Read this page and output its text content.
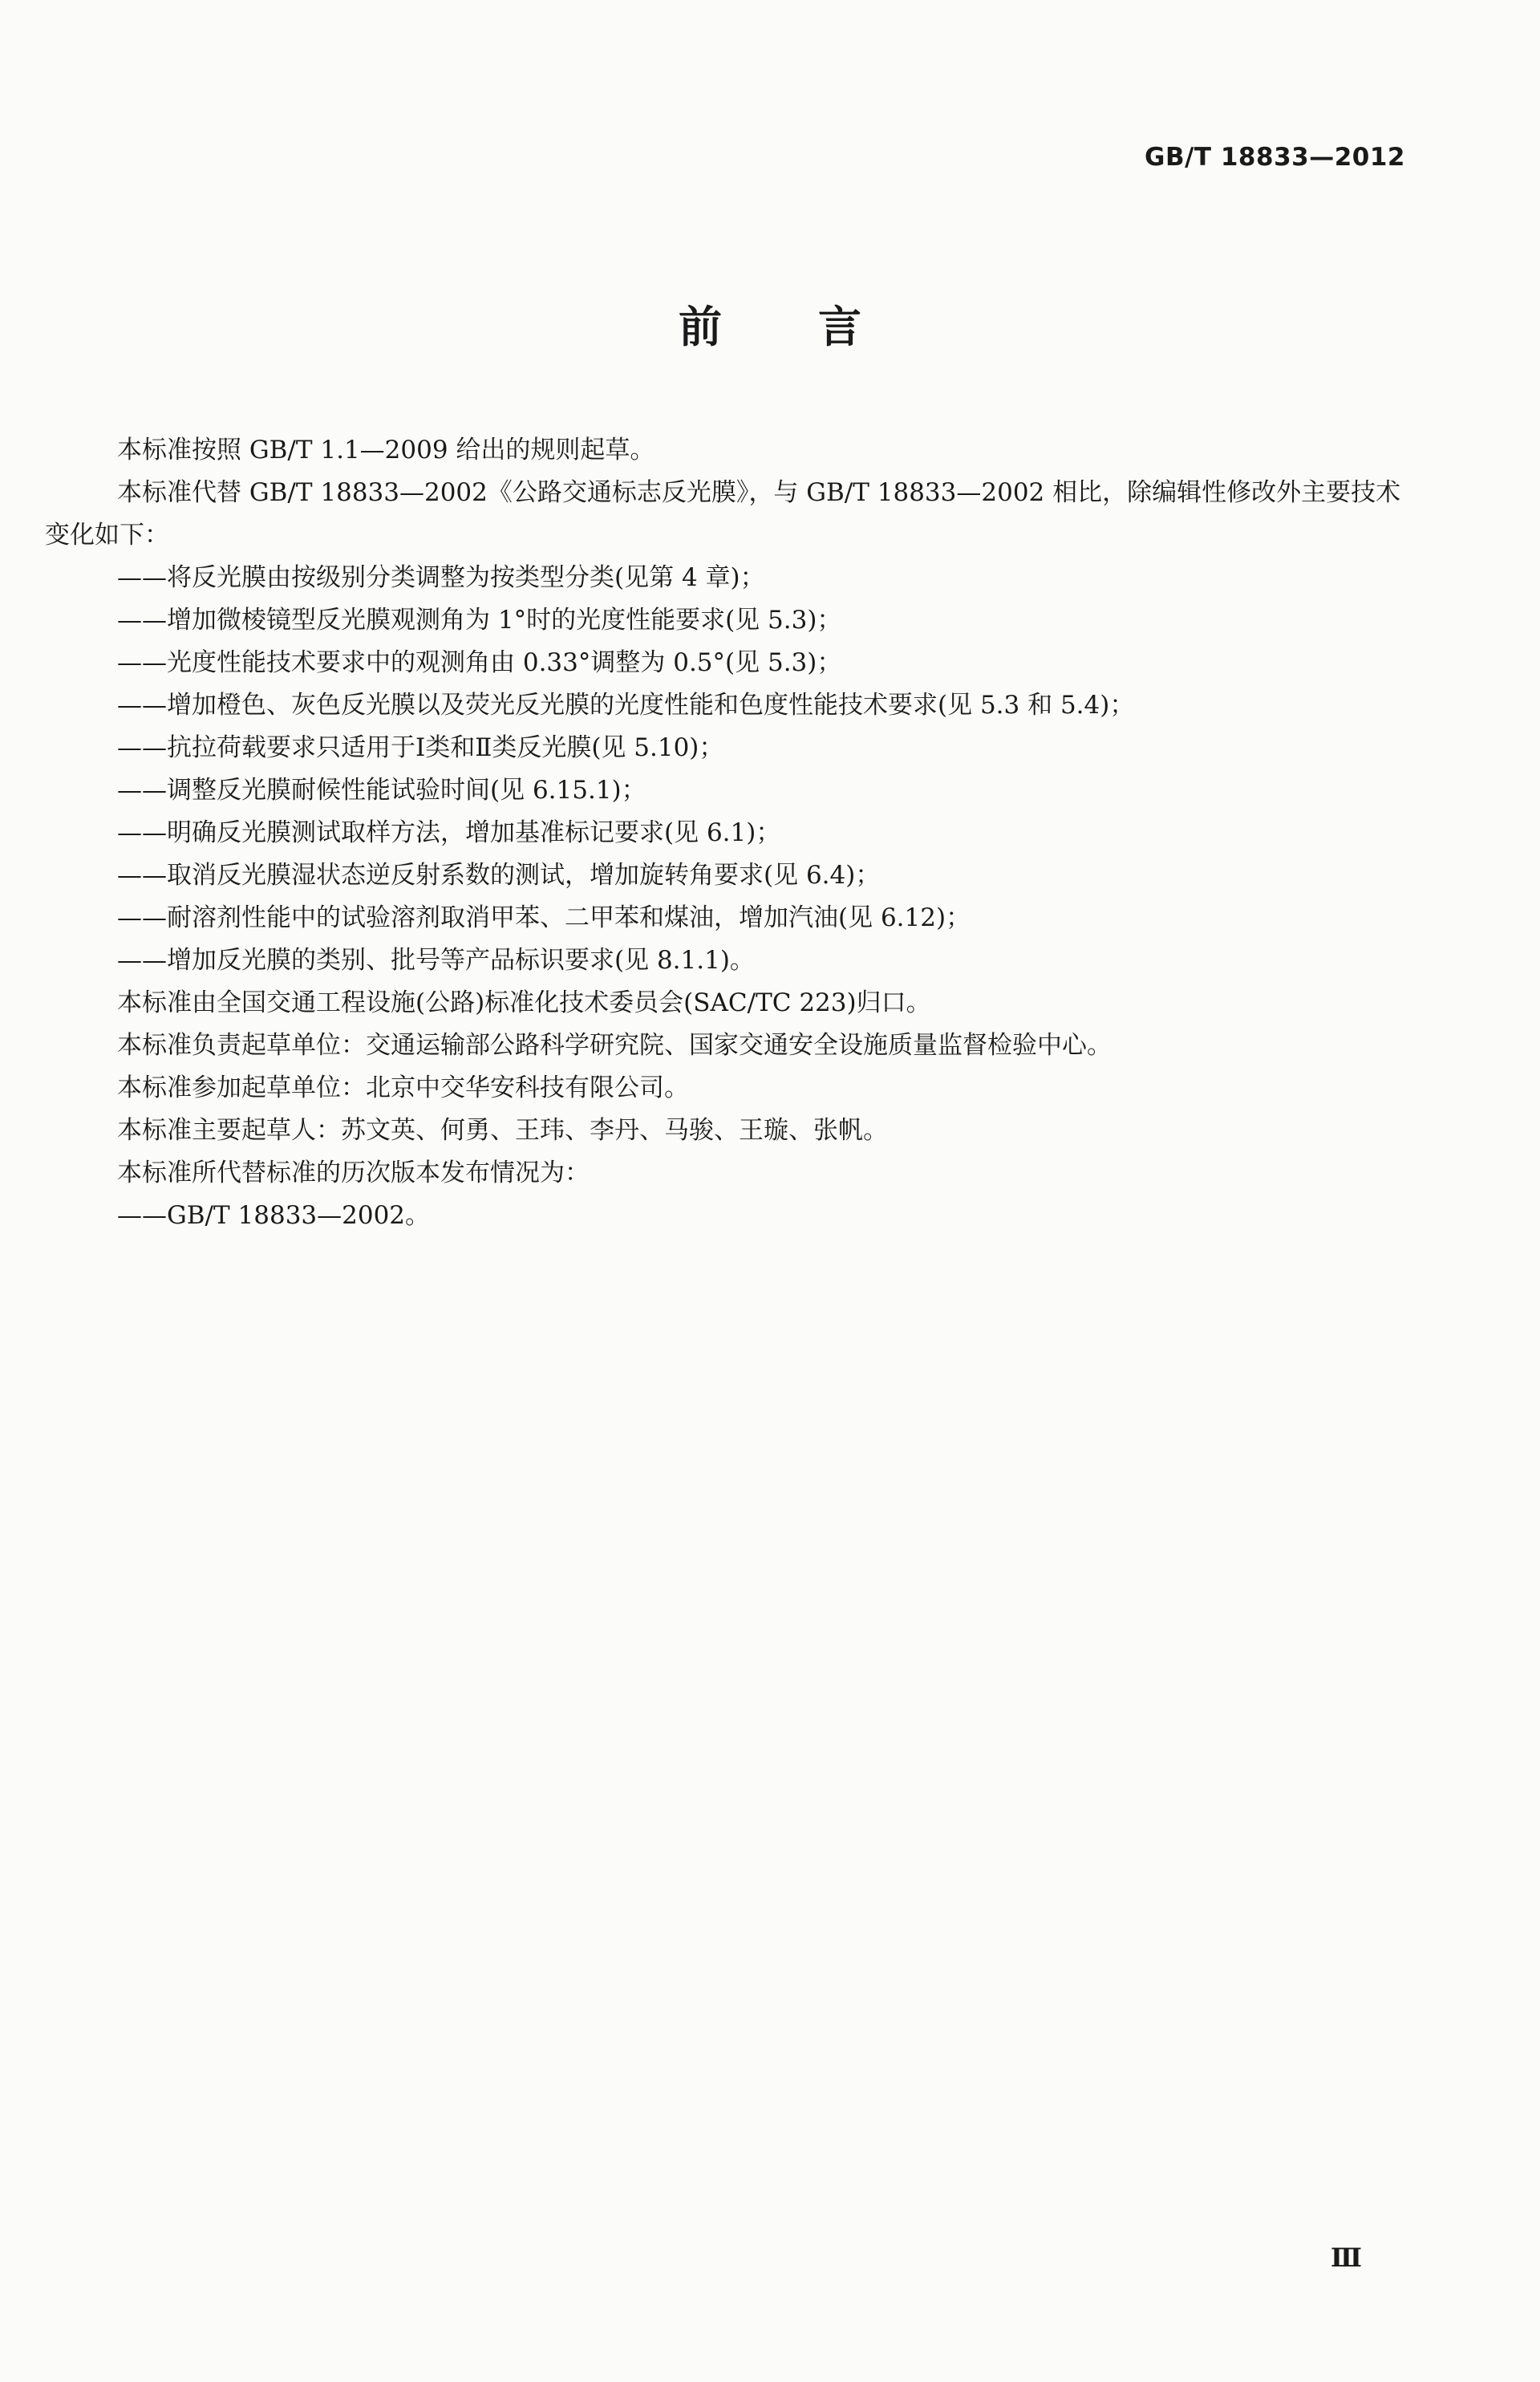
GB/T 18833—2012
前 言

本标准按照 GB/T 1.1—2009 给出的规则起草。

本标准代替 GB/T 18833—2002《公路交通标志反光膜》，与 GB/T 18833—2002 相比，除编辑性修改外主要技术变化如下：

——将反光膜由按级别分类调整为按类型分类(见第 4 章)；

——增加微棱镜型反光膜观测角为 1°时的光度性能要求(见 5.3)；

——光度性能技术要求中的观测角由 0.33°调整为 0.5°(见 5.3)；

——增加橙色、灰色反光膜以及荧光反光膜的光度性能和色度性能技术要求(见 5.3 和 5.4)；

——抗拉荷载要求只适用于Ⅰ类和Ⅱ类反光膜(见 5.10)；

——调整反光膜耐候性能试验时间(见 6.15.1)；

——明确反光膜测试取样方法，增加基准标记要求(见 6.1)；

——取消反光膜湿状态逆反射系数的测试，增加旋转角要求(见 6.4)；

——耐溶剂性能中的试验溶剂取消甲苯、二甲苯和煤油，增加汽油(见 6.12)；

——增加反光膜的类别、批号等产品标识要求(见 8.1.1)。

本标准由全国交通工程设施(公路)标准化技术委员会(SAC/TC 223)归口。

本标准负责起草单位：交通运输部公路科学研究院、国家交通安全设施质量监督检验中心。

本标准参加起草单位：北京中交华安科技有限公司。

本标准主要起草人：苏文英、何勇、王玮、李丹、马骏、王璇、张帆。

本标准所代替标准的历次版本发布情况为：

——GB/T 18833—2002。

Ⅲ
